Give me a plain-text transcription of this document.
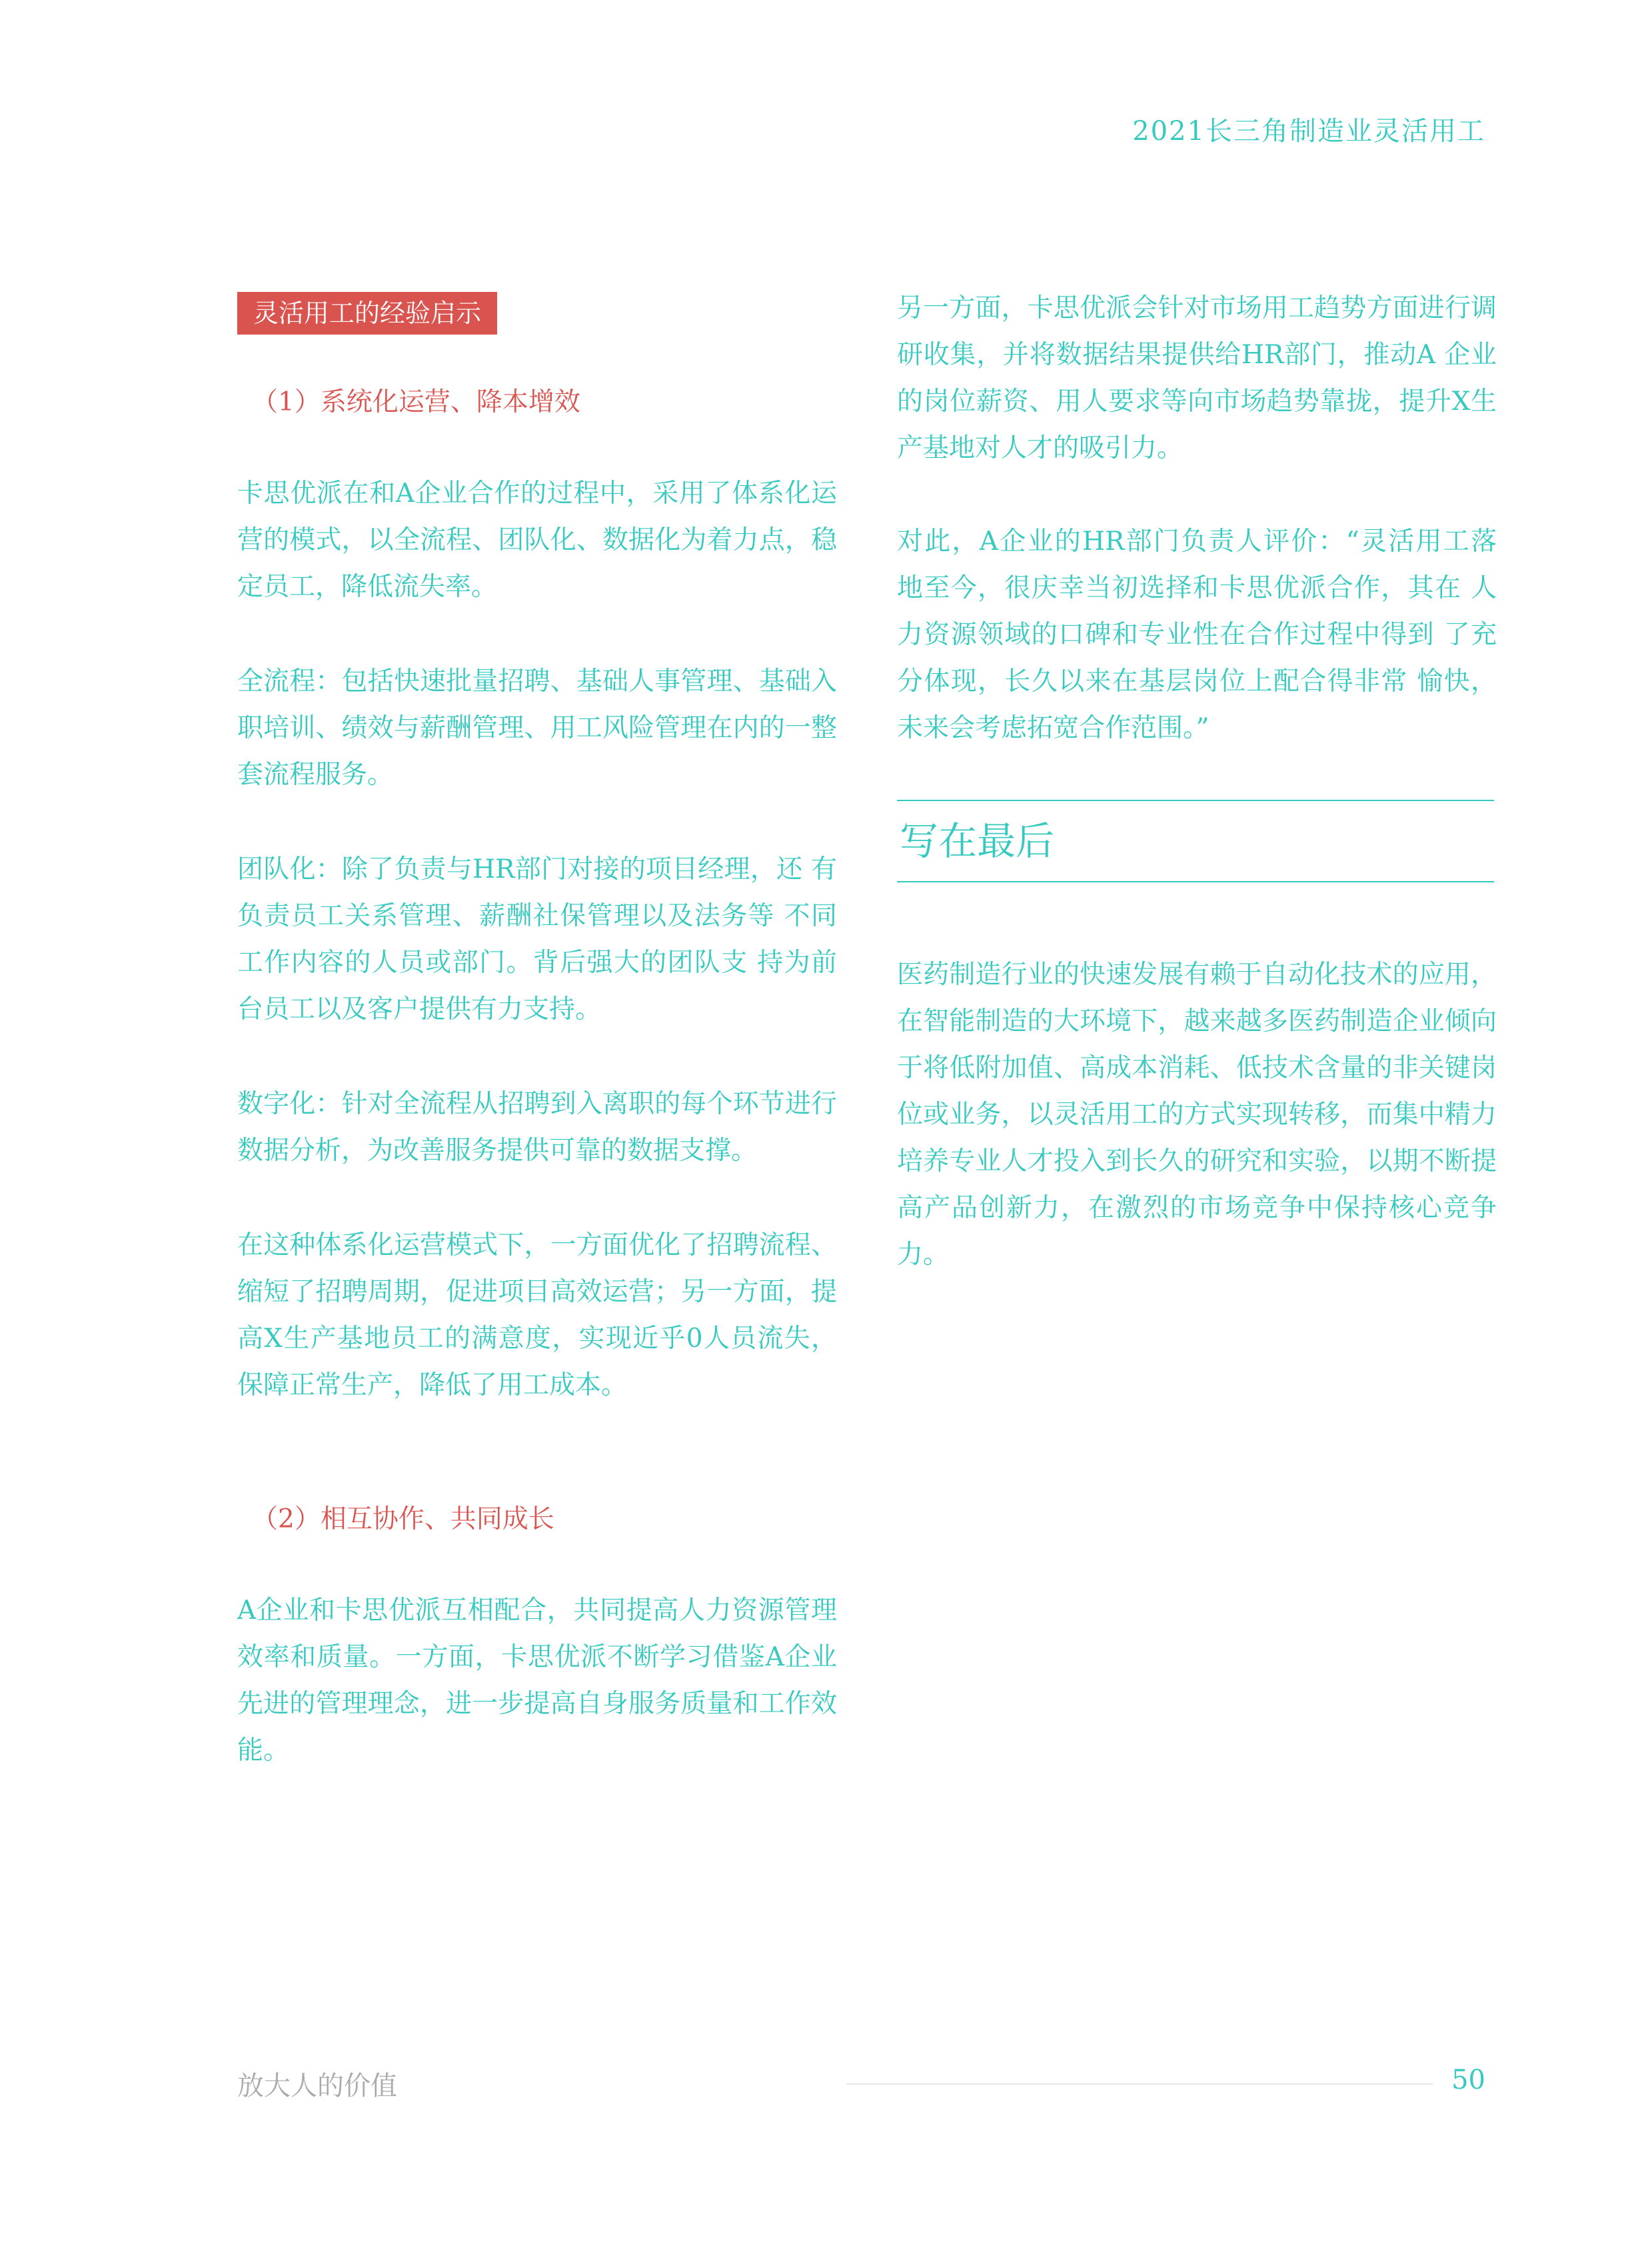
2021长三角制造业灵活用工
灵活用工的经验启示
（1）系统化运营、降本增效

卡思优派在和A企业合作的过程中，采用了体系化运营的模式，以全流程、团队化、数据化为着力点，稳定员工，降低流失率。

全流程：包括快速批量招聘、基础人事管理、基础入职培训、绩效与薪酬管理、用工风险管理在内的一整套流程服务。

团队化：除了负责与HR部门对接的项目经理，还 有负责员工关系管理、薪酬社保管理以及法务等 不同工作内容的人员或部门。背后强大的团队支 持为前台员工以及客户提供有力支持。

数字化：针对全流程从招聘到入离职的每个环节进行数据分析，为改善服务提供可靠的数据支撑。

在这种体系化运营模式下，一方面优化了招聘流程、缩短了招聘周期，促进项目高效运营；另一方面，提高X生产基地员工的满意度，实现近乎0人员流失，保障正常生产，降低了用工成本。

（2）相互协作、共同成长

A企业和卡思优派互相配合，共同提高人力资源管理效率和质量。一方面，卡思优派不断学习借鉴A企业先进的管理理念，进一步提高自身服务质量和工作效能。

另一方面，卡思优派会针对市场用工趋势方面进行调研收集，并将数据结果提供给HR部门，推动A 企业的岗位薪资、用人要求等向市场趋势靠拢，提升X生产基地对人才的吸引力。

对此，A企业的HR部门负责人评价：“灵活用工落 地至今，很庆幸当初选择和卡思优派合作，其在 人力资源领域的口碑和专业性在合作过程中得到 了充分体现，长久以来在基层岗位上配合得非常 愉快，未来会考虑拓宽合作范围。”

写在最后

医药制造行业的快速发展有赖于自动化技术的应用，在智能制造的大环境下，越来越多医药制造企业倾向于将低附加值、高成本消耗、低技术含量的非关键岗位或业务，以灵活用工的方式实现转移，而集中精力培养专业人才投入到长久的研究和实验，以期不断提高产品创新力，在激烈的市场竞争中保持核心竞争力。

放大人的价值	50
